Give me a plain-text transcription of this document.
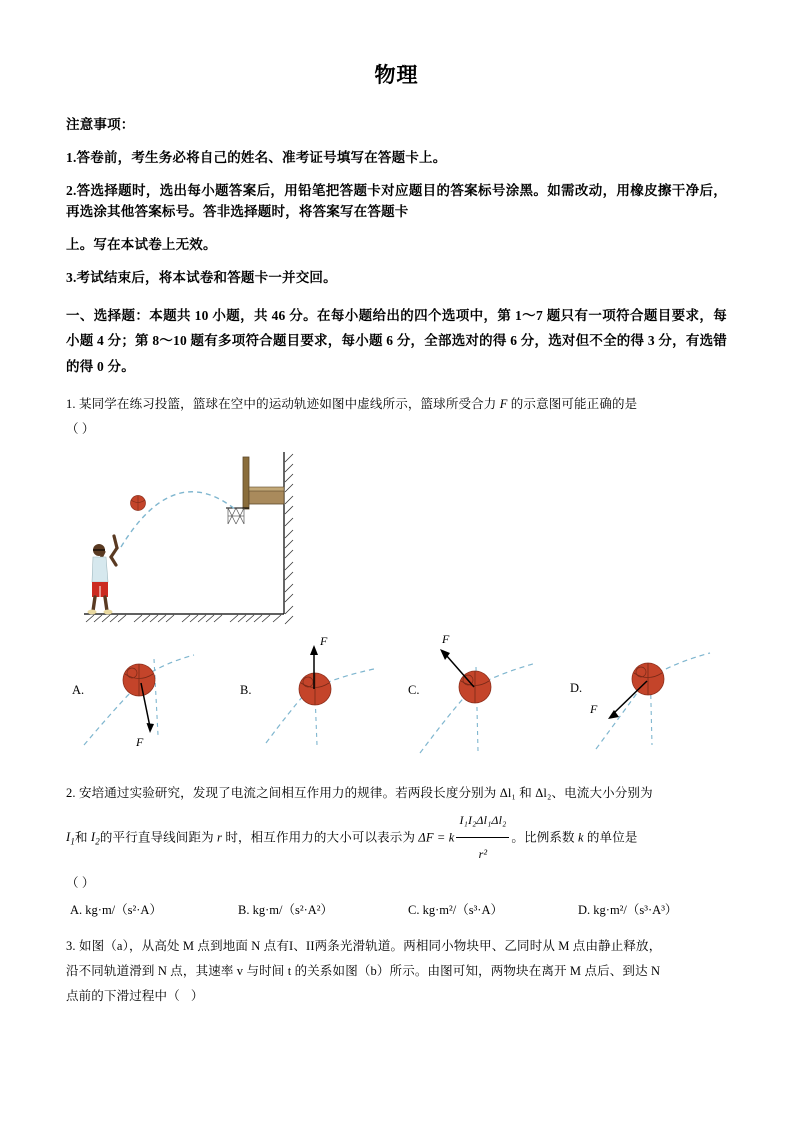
物理
注意事项：
1.答卷前，考生务必将自己的姓名、准考证号填写在答题卡上。
2.答选择题时，选出每小题答案后，用铅笔把答题卡对应题目的答案标号涂黑。如需改动，用橡皮擦干净后，再选涂其他答案标号。答非选择题时，将答案写在答题卡
上。写在本试卷上无效。
3.考试结束后，将本试卷和答题卡一并交回。
一、选择题：本题共 10 小题，共 46 分。在每小题给出的四个选项中，第 1～7 题只有一项符合题目要求，每小题 4 分；第 8～10 题有多项符合题目要求，每小题 6 分，全部选对的得 6 分，选对但不全的得 3 分，有选错的得 0 分。
1. 某同学在练习投篮，篮球在空中的运动轨迹如图中虚线所示，篮球所受合力 F 的示意图可能正确的是
（ ）
A.
F
B.
F
C.
F
D.
F
2. 安培通过实验研究，发现了电流之间相互作用力的规律。若两段长度分别为 Δl₁ 和 Δl₂、电流大小分别为
$I_1$和 $I_2$的平行直导线间距为 r 时，相互作用力的大小可以表示为 ΔF = k $\frac{\text{I₁I₂Δl₁Δl₂}}{\text{r²}}$ 。比例系数 k 的单位是
（ ）
A. kg·m/（s²·A）	B. kg·m/（s²·A²）	C. kg·m²/（s³·A）	D. kg·m²/（s³·A³）
3. 如图（a），从高处 M 点到地面 N 点有I、II两条光滑轨道。两相同小物块甲、乙同时从 M 点由静止释放，
沿不同轨道滑到 N 点，其速率 v 与时间 t 的关系如图（b）所示。由图可知，两物块在离开 M 点后、到达 N
点前的下滑过程中（ ）
